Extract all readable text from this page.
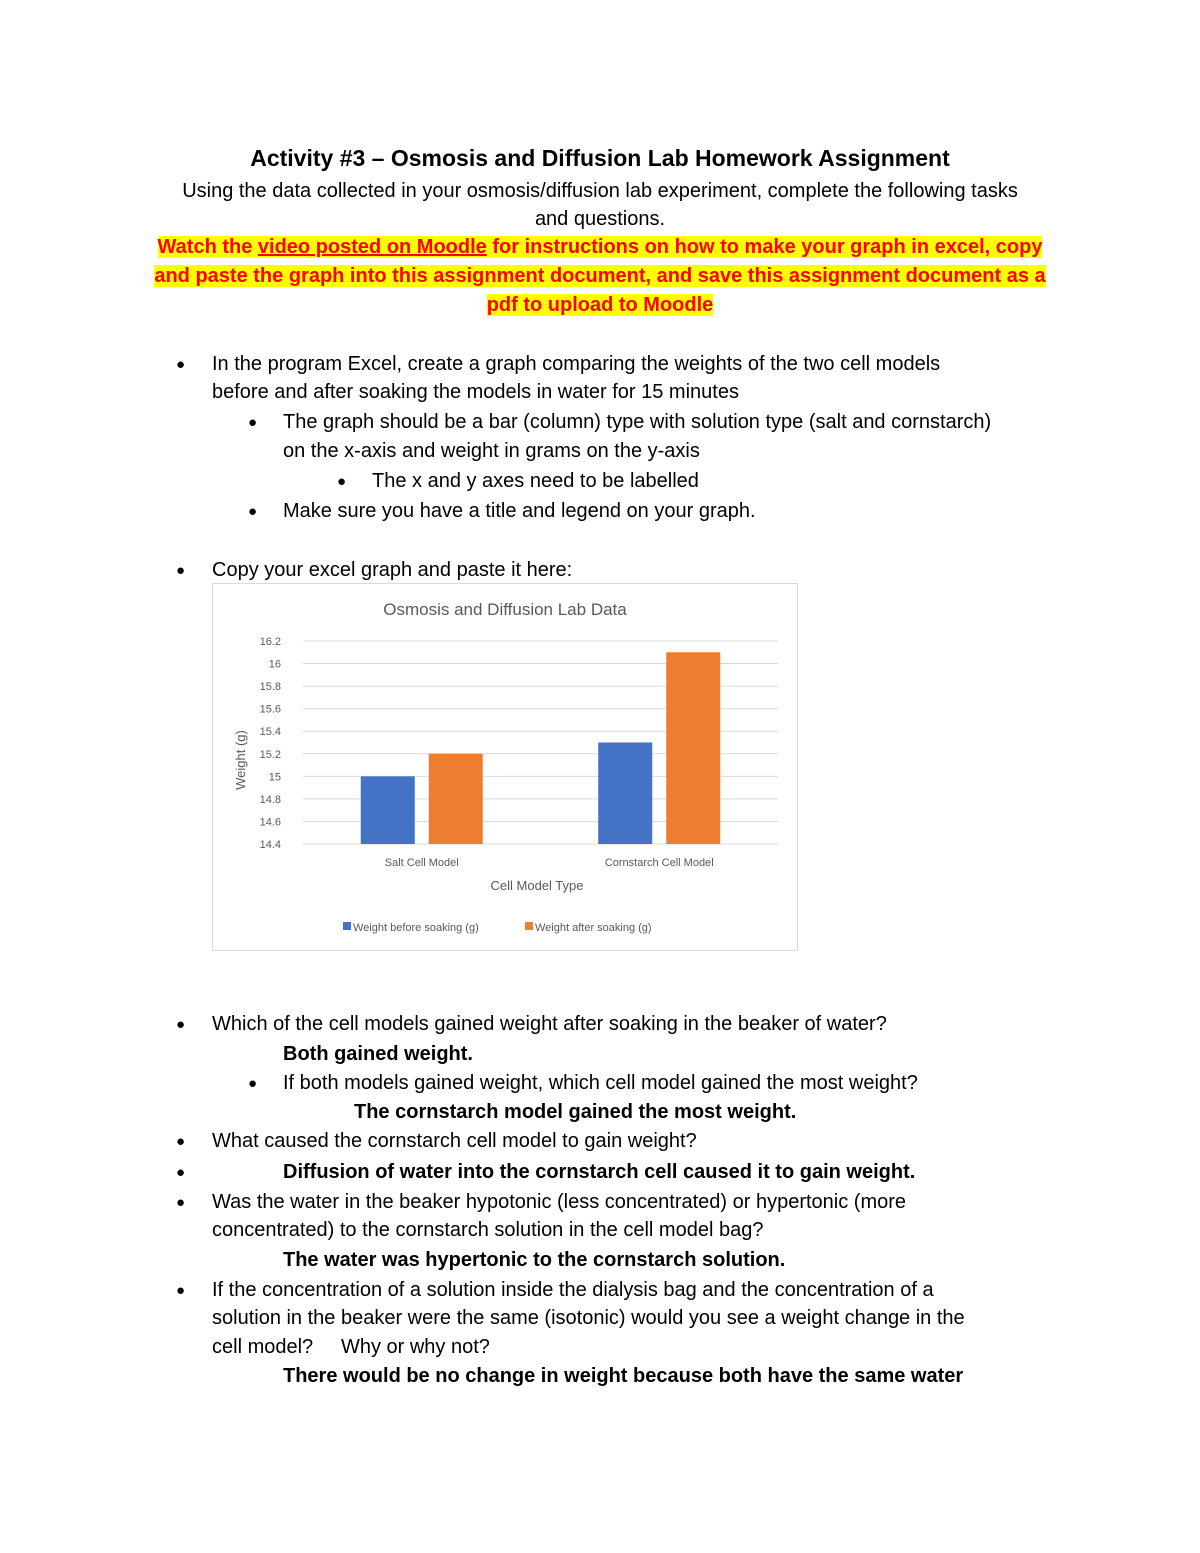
Activity #3 – Osmosis and Diffusion Lab Homework Assignment
Using the data collected in your osmosis/diffusion lab experiment, complete the following tasks
and questions.
Watch the video posted on Moodle for instructions on how to make your graph in excel, copy
and paste the graph into this assignment document, and save this assignment document as a
pdf to upload to Moodle
● In the program Excel, create a graph comparing the weights of the two cell models
before and after soaking the models in water for 15 minutes
● The graph should be a bar (column) type with solution type (salt and cornstarch)
on the x-axis and weight in grams on the y-axis
● The x and y axes need to be labelled
● Make sure you have a title and legend on your graph.
● Copy your excel graph and paste it here:
Osmosis and Diffusion Lab Data
Weight (g)
Cell Model Type
14.4
14.6
14.8
15
15.2
15.4
15.6
15.8
16
16.2
Salt Cell Model	Cornstarch Cell Model
Weight before soaking (g)	Weight after soaking (g)
● Which of the cell models gained weight after soaking in the beaker of water?
Both gained weight.
● If both models gained weight, which cell model gained the most weight?
The cornstarch model gained the most weight.
● What caused the cornstarch cell model to gain weight?
●	Diffusion of water into the cornstarch cell caused it to gain weight.
● Was the water in the beaker hypotonic (less concentrated) or hypertonic (more
concentrated) to the cornstarch solution in the cell model bag?
The water was hypertonic to the cornstarch solution.
● If the concentration of a solution inside the dialysis bag and the concentration of a
solution in the beaker were the same (isotonic) would you see a weight change in the
cell model?     Why or why not?
There would be no change in weight because both have the same water
